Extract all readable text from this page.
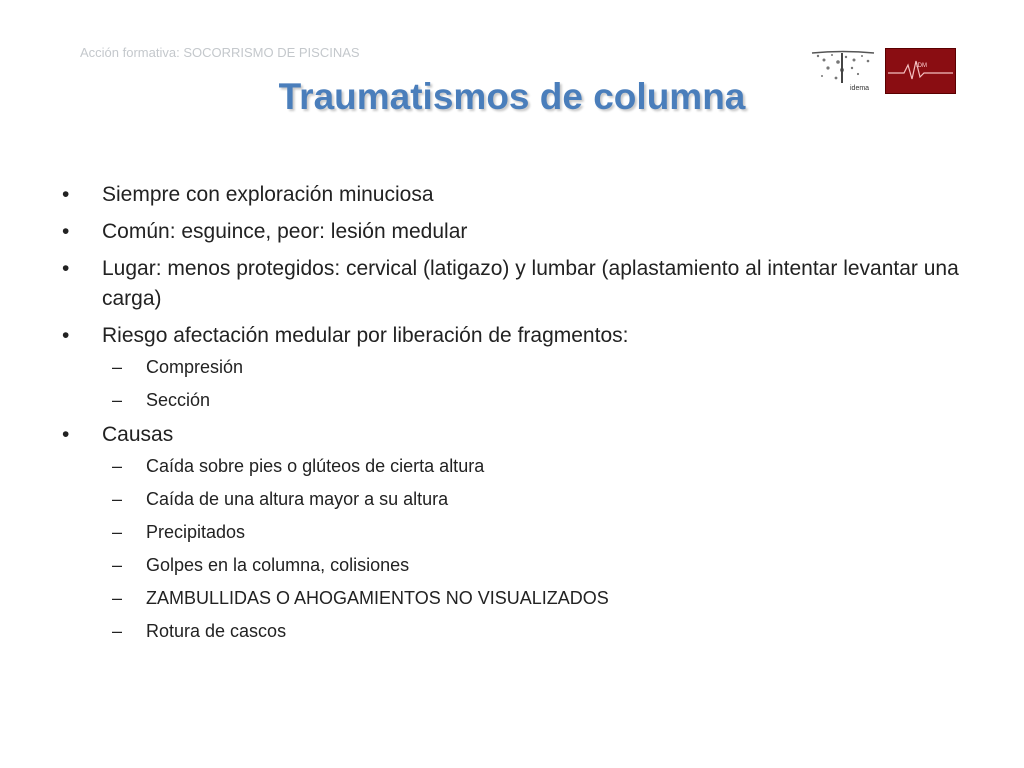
Acción formativa: SOCORRISMO DE PISCINAS
idema
IDM
Traumatismos de columna
• Siempre con exploración minuciosa
• Común: esguince, peor: lesión medular
• Lugar: menos protegidos: cervical (latigazo) y lumbar (aplastamiento al intentar levantar una carga)
• Riesgo afectación medular por liberación de fragmentos:
– Compresión
– Sección
• Causas
– Caída sobre pies o glúteos de cierta altura
– Caída de una altura mayor a su altura
– Precipitados
– Golpes en la columna, colisiones
– ZAMBULLIDAS O AHOGAMIENTOS NO VISUALIZADOS
– Rotura de cascos
